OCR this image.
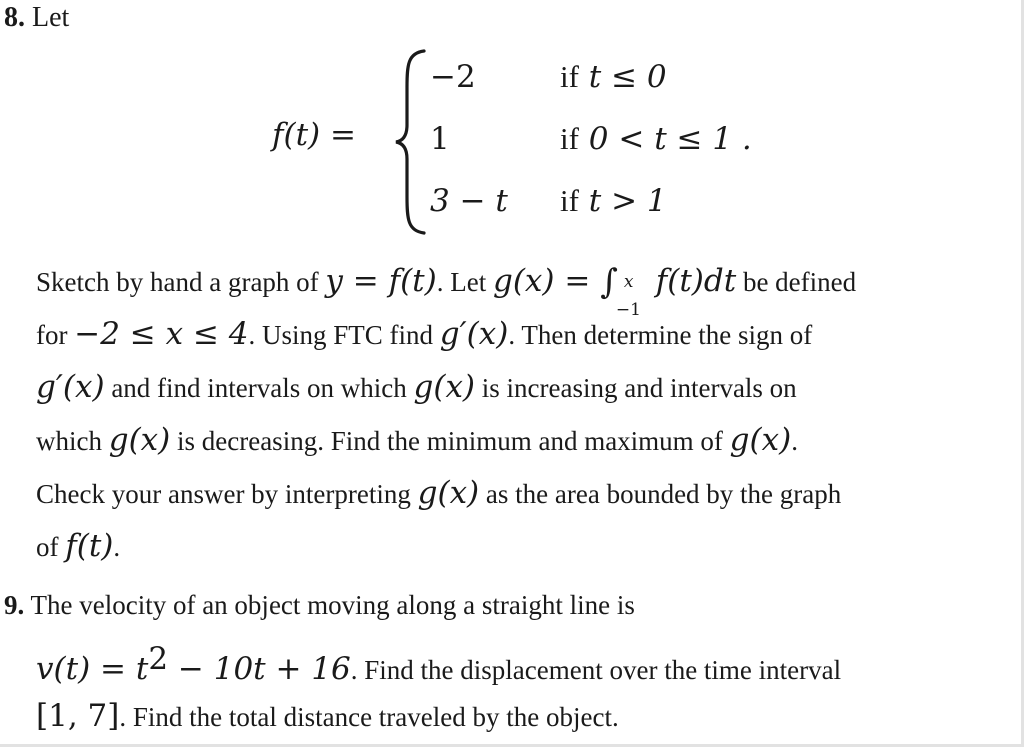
8. Let
f(t) =
−2	if t ≤ 0
1	if 0 < t ≤ 1 .
3 − t if t > 1
Sketch by hand a graph of y = f(t). Let g(x) = ∫ x
−1
f(t)dt be defined
for −2 ≤ x ≤ 4. Using FTC find g′(x). Then determine the sign of
g′(x) and find intervals on which g(x) is increasing and intervals on
which g(x) is decreasing. Find the minimum and maximum of g(x).
Check your answer by interpreting g(x) as the area bounded by the graph
of f(t).
9. The velocity of an object moving along a straight line is
$v(t) = t^2 - 10t + 16$. Find the displacement over the time interval
[1, 7]. Find the total distance traveled by the object.
